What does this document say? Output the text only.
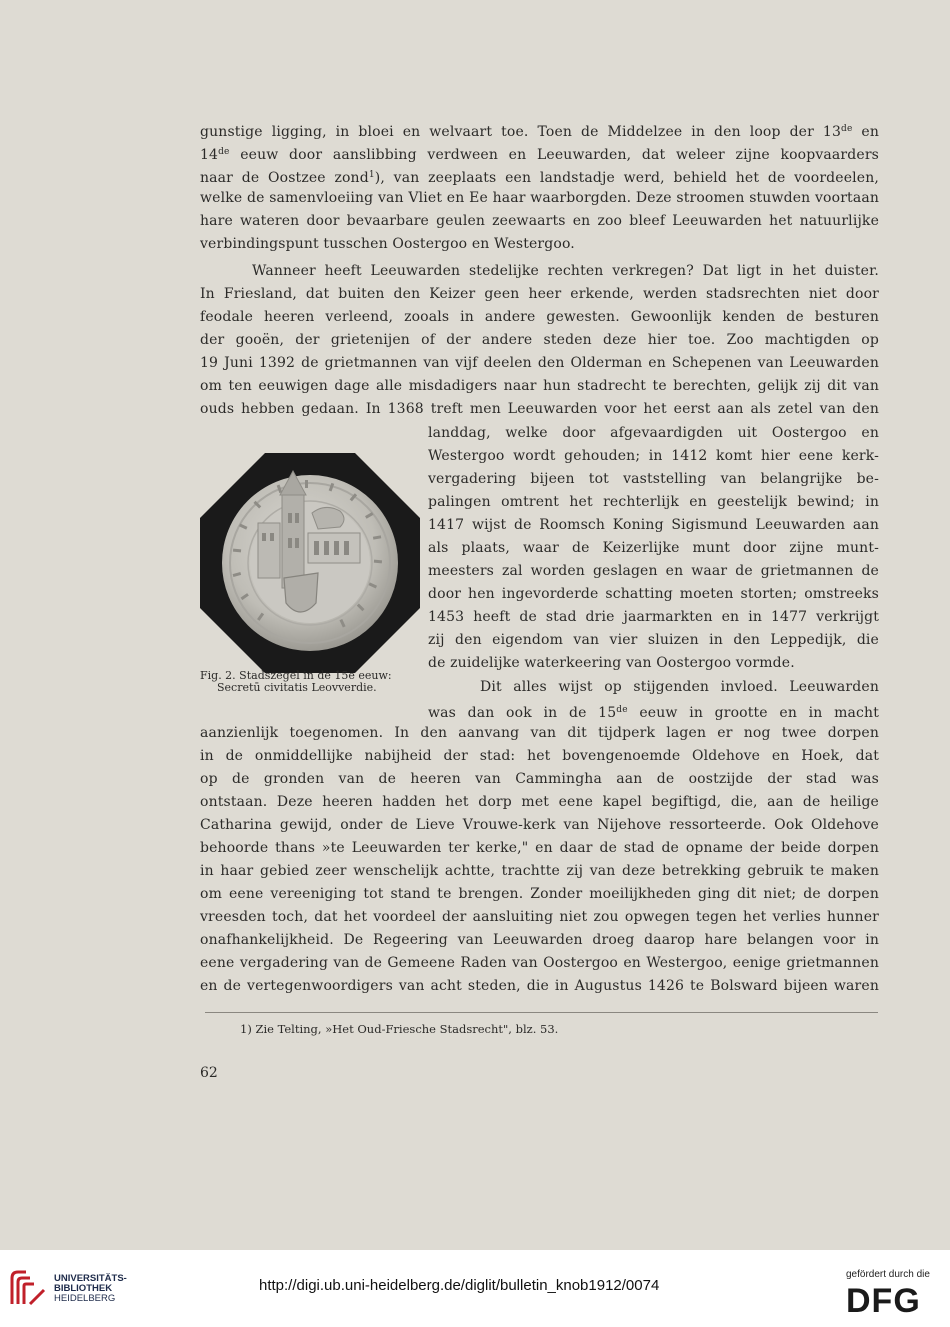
gunstige ligging, in bloei en welvaart toe. Toen de Middelzee in den loop der 13de en
14de eeuw door aanslibbing verdween en Leeuwarden, dat weleer zijne koopvaarders
naar de Oostzee zond$^1$), van zeeplaats een landstadje werd, behield het de voordeelen,
welke de samenvloeiing van Vliet en Ee haar waarborgden. Deze stroomen stuwden voortaan
hare wateren door bevaarbare geulen zeewaarts en zoo bleef Leeuwarden het natuurlijke
verbindingspunt tusschen Oostergoo en Westergoo.
Wanneer heeft Leeuwarden stedelijke rechten verkregen? Dat ligt in het duister.
In Friesland, dat buiten den Keizer geen heer erkende, werden stadsrechten niet door
feodale heeren verleend, zooals in andere gewesten. Gewoonlijk kenden de besturen
der gooën, der grietenijen of der andere steden deze hier toe. Zoo machtigden op
19 Juni 1392 de grietmannen van vijf deelen den Olderman en Schepenen van Leeuwarden
om ten eeuwigen dage alle misdadigers naar hun stadrecht te berechten, gelijk zij dit van
ouds hebben gedaan. In 1368 treft men Leeuwarden voor het eerst aan als zetel van den
landdag, welke door afgevaardigden uit Oostergoo en
Westergoo wordt gehouden; in 1412 komt hier eene kerk-
vergadering bijeen tot vaststelling van belangrijke be-
palingen omtrent het rechterlijk en geestelijk bewind; in
1417 wijst de Roomsch Koning Sigismund Leeuwarden aan
als plaats, waar de Keizerlijke munt door zijne munt-
meesters zal worden geslagen en waar de grietmannen de
door hen ingevorderde schatting moeten storten; omstreeks
1453 heeft de stad drie jaarmarkten en in 1477 verkrijgt
zij den eigendom van vier sluizen in den Leppedijk, die
de zuidelijke waterkeering van Oostergoo vormde.
Dit alles wijst op stijgenden invloed. Leeuwarden
was dan ook in de 15de eeuw in grootte en in macht
aanzienlijk toegenomen. In den aanvang van dit tijdperk lagen er nog twee dorpen
in de onmiddellijke nabijheid der stad: het bovengenoemde Oldehove en Hoek, dat
op de gronden van de heeren van Cammingha aan de oostzijde der stad was
ontstaan. Deze heeren hadden het dorp met eene kapel begiftigd, die, aan de heilige
Catharina gewijd, onder de Lieve Vrouwe-kerk van Nijehove ressorteerde. Ook Oldehove
behoorde thans »te Leeuwarden ter kerke," en daar de stad de opname der beide dorpen
in haar gebied zeer wenschelijk achtte, trachtte zij van deze betrekking gebruik te maken
om eene vereeniging tot stand te brengen. Zonder moeilijkheden ging dit niet; de dorpen
vreesden toch, dat het voordeel der aansluiting niet zou opwegen tegen het verlies hunner
onafhankelijkheid. De Regeering van Leeuwarden droeg daarop hare belangen voor in
eene vergadering van de Gemeene Raden van Oostergoo en Westergoo, eenige grietmannen
en de vertegenwoordigers van acht steden, die in Augustus 1426 te Bolsward bijeen waren
Fig. 2. Stadszegel in de 15e eeuw:
Secretū civitatis Leovverdie.
1) Zie Telting, »Het Oud-Friesche Stadsrecht", blz. 53.
62
UNIVERSITÄTS-
BIBLIOTHEK
HEIDELBERG
http://digi.ub.uni-heidelberg.de/diglit/bulletin_knob1912/0074
gefördert durch die
DFG
